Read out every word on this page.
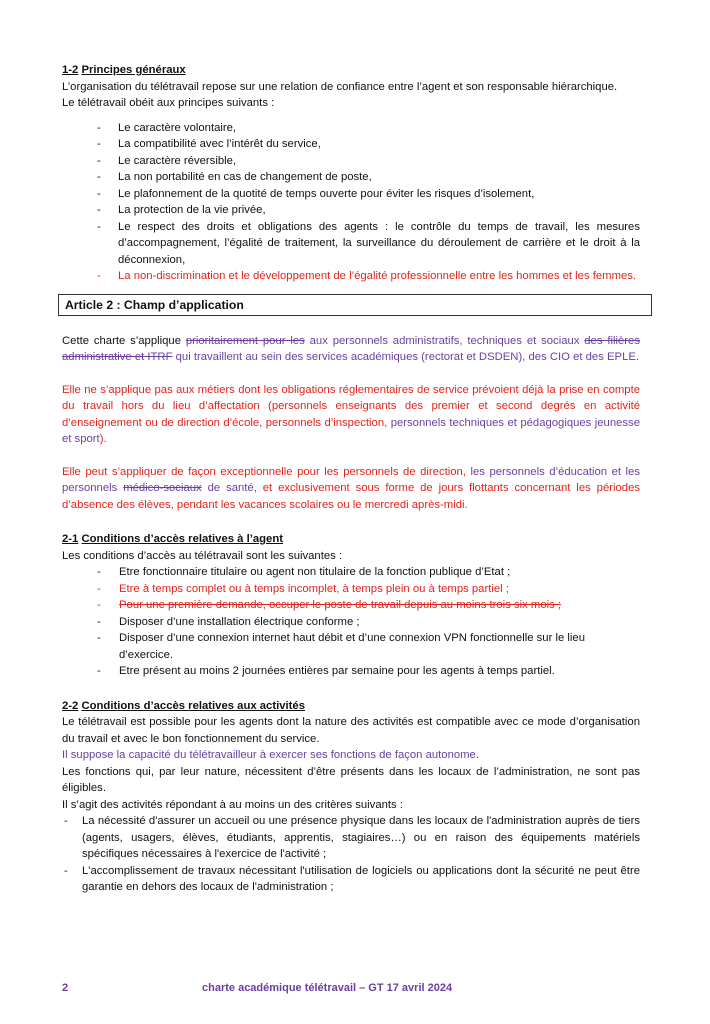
1-2 Principes généraux

L’organisation du télétravail repose sur une relation de confiance entre l’agent et son responsable hiérarchique.

Le télétravail obéit aux principes suivants :

- Le caractère volontaire,
- La compatibilité avec l’intérêt du service,
- Le caractère réversible,
- La non portabilité en cas de changement de poste,
- Le plafonnement de la quotité de temps ouverte pour éviter les risques d’isolement,
- La protection de la vie privée,
- Le respect des droits et obligations des agents : le contrôle du temps de travail, les mesures d’accompagnement, l’égalité de traitement, la surveillance du déroulement de carrière et le droit à la déconnexion,
- La non-discrimination et le développement de l’égalité professionnelle entre les hommes et les femmes.
Article 2 : Champ d’application

Cette charte s’applique prioritairement pour les aux personnels administratifs, techniques et sociaux des filières administrative et ITRF qui travaillent au sein des services académiques (rectorat et DSDEN), des CIO et des EPLE.

Elle ne s’applique pas aux métiers dont les obligations réglementaires de service prévoient déjà la prise en compte du travail hors du lieu d’affectation (personnels enseignants des premier et second degrés en activité d’enseignement ou de direction d’école, personnels d’inspection, personnels techniques et pédagogiques jeunesse et sport).

Elle peut s’appliquer de façon exceptionnelle pour les personnels de direction, les personnels d’éducation et les personnels médico-sociaux de santé, et exclusivement sous forme de jours flottants concernant les périodes d’absence des élèves, pendant les vacances scolaires ou le mercredi après-midi.

2-1 Conditions d’accès relatives à l’agent

Les conditions d’accès au télétravail sont les suivantes :

- Etre fonctionnaire titulaire ou agent non titulaire de la fonction publique d’Etat ;
- Etre à temps complet ou à temps incomplet, à temps plein ou à temps partiel ;
- Pour une première demande, occuper le poste de travail depuis au moins trois six mois ;
- Disposer d’une installation électrique conforme ;
- Disposer d’une connexion internet haut débit et d’une connexion VPN fonctionnelle sur le lieu d’exercice.
- Etre présent au moins 2 journées entières par semaine pour les agents à temps partiel.

2-2 Conditions d’accès relatives aux activités

Le télétravail est possible pour les agents dont la nature des activités est compatible avec ce mode d’organisation du travail et avec le bon fonctionnement du service.

Il suppose la capacité du télétravailleur à exercer ses fonctions de façon autonome.

Les fonctions qui, par leur nature, nécessitent d’être présents dans les locaux de l’administration, ne sont pas éligibles.

Il s’agit des activités répondant à au moins un des critères suivants :

- La nécessité d'assurer un accueil ou une présence physique dans les locaux de l'administration auprès de tiers (agents, usagers, élèves, étudiants, apprentis, stagiaires…) ou en raison des équipements matériels spécifiques nécessaires à l'exercice de l'activité ;
- L'accomplissement de travaux nécessitant l'utilisation de logiciels ou applications dont la sécurité ne peut être garantie en dehors des locaux de l'administration ;
2	charte académique télétravail – GT 17 avril 2024
